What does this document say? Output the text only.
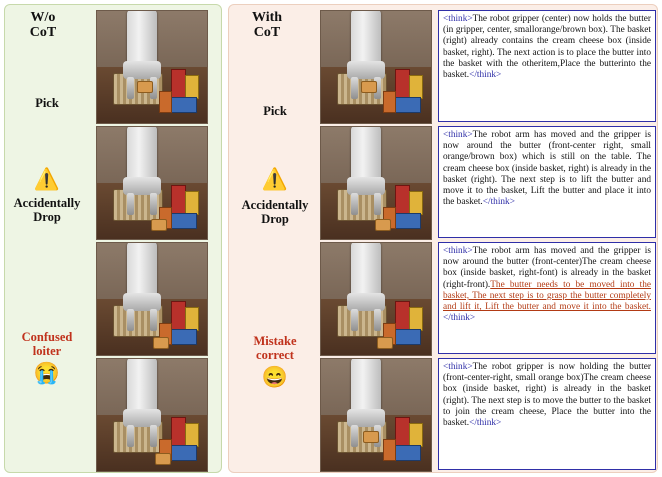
W/o
CoT
Pick
⚠️
Accidentally
Drop
Confused
loiter
😭
With
CoT
Pick
⚠️
Accidentally
Drop
Mistake
correct
😄
<think>The robot gripper (center) now holds the butter (in gripper, center, smallorange/brown box). The basket (right) already contains the cream cheese box (inside basket, right). The next action is to place the butter into the basket with the otheritem,Place the butterinto the basket.</think>
<think>The robot arm has moved and the gripper is now around the butter (front-center right, small orange/brown box) which is still on the table. The cream cheese box (inside basket, right) is already in the basket (right). The next step is to lift the butter and move it to the basket, Lift the butter and place it into the basket.</think>
<think>The robot arm has moved and the gripper is now around the butter (front-center)The cream cheese box (inside basket, right-font) is already in the basket (right-front).The butter needs to be moved into the basket, The next step is to grasp the butter completely and lift it, Lift the butter and move it into the basket.</think>
<think>The robot gripper is now holding the butter (front-center-right, small orange box)The cream cheese box (inside basket, right) is already in the basket (right). The next step is to move the butter to the basket to join the cream cheese, Place the butter into the basket.</think>
